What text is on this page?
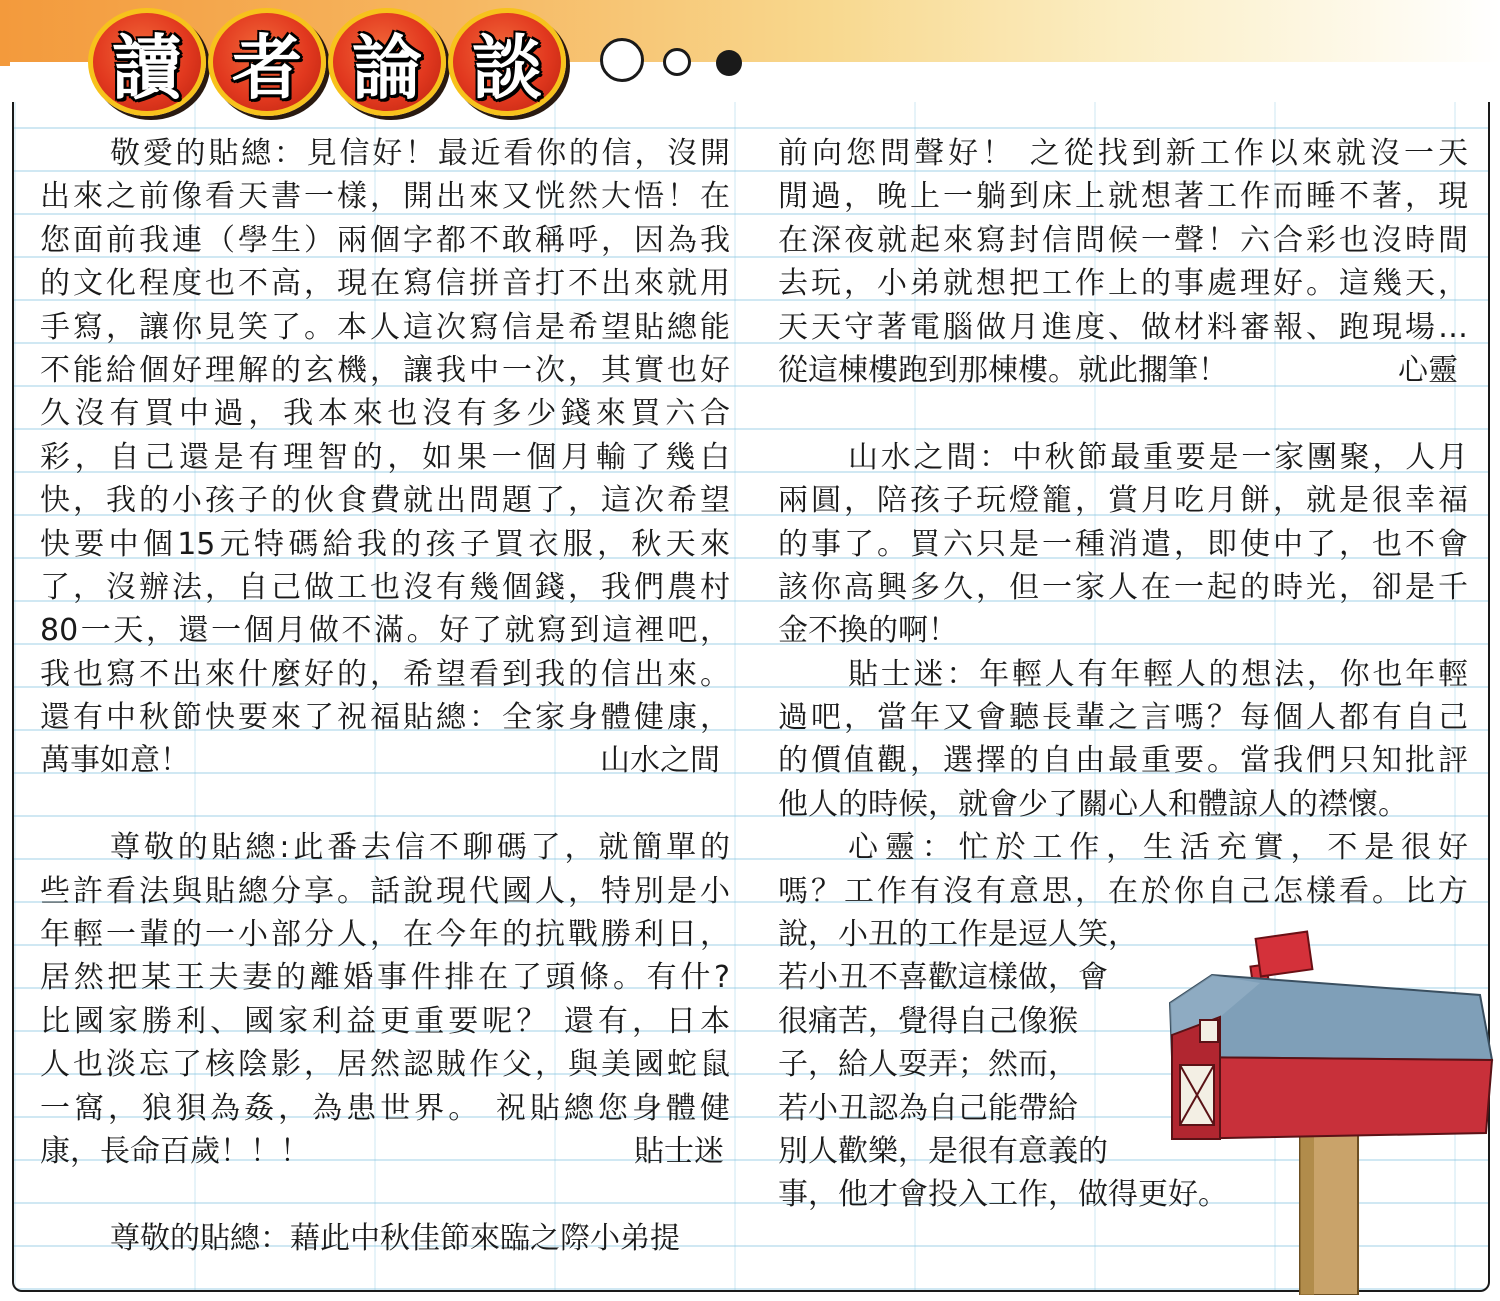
讀 者 論 談
敬愛的貼總：見信好！最近看你的信，沒開
出來之前像看天書一樣，開出來又恍然大悟！在
您面前我連（學生）兩個字都不敢稱呼，因為我
的文化程度也不高，現在寫信拼音打不出來就用
手寫，讓你見笑了。本人這次寫信是希望貼總能
不能給個好理解的玄機，讓我中一次，其實也好
久沒有買中過，我本來也沒有多少錢來買六合
彩，自己還是有理智的，如果一個月輸了幾白
快，我的小孩子的伙食費就出問題了，這次希望
快要中個15元特碼給我的孩子買衣服，秋天來
了，沒辦法，自己做工也沒有幾個錢，我們農村
80一天，還一個月做不滿。好了就寫到這裡吧，
我也寫不出來什麼好的，希望看到我的信出來。
還有中秋節快要來了祝福貼總：全家身體健康，
萬事如意！	山水之間
尊敬的貼總:此番去信不聊碼了，就簡單的
些許看法與貼總分享。話說現代國人，特別是小
年輕一輩的一小部分人，在今年的抗戰勝利日，
居然把某王夫妻的離婚事件排在了頭條。有什?
比國家勝利、國家利益更重要呢？ 還有，日本
人也淡忘了核陰影，居然認賊作父，與美國蛇鼠
一窩，狼狽為姦，為患世界。 祝貼總您身體健
康，長命百歲！！！	貼士迷
尊敬的貼總：藉此中秋佳節來臨之際小弟提
前向您問聲好！ 之從找到新工作以來就沒一天
閒過，晚上一躺到床上就想著工作而睡不著，現
在深夜就起來寫封信問候一聲！六合彩也沒時間
去玩，小弟就想把工作上的事處理好。這幾天，
天天守著電腦做月進度、做材料審報、跑現場…
從這棟樓跑到那棟樓。就此擱筆！	心靈
山水之間：中秋節最重要是一家團聚，人月
兩圓，陪孩子玩燈籠，賞月吃月餅，就是很幸福
的事了。買六只是一種消遣，即使中了，也不會
該你高興多久，但一家人在一起的時光，卻是千
金不換的啊！
貼士迷：年輕人有年輕人的想法，你也年輕
過吧，當年又會聽長輩之言嗎？每個人都有自己
的價值觀，選擇的自由最重要。當我們只知批評
他人的時候，就會少了關心人和體諒人的襟懷。
心靈：忙於工作，生活充實，不是很好
嗎？工作有沒有意思，在於你自己怎樣看。比方
說，小丑的工作是逗人笑，
若小丑不喜歡這樣做，會
很痛苦，覺得自己像猴
子，給人耍弄；然而，
若小丑認為自己能帶給
別人歡樂，是很有意義的
事，他才會投入工作，做得更好。
